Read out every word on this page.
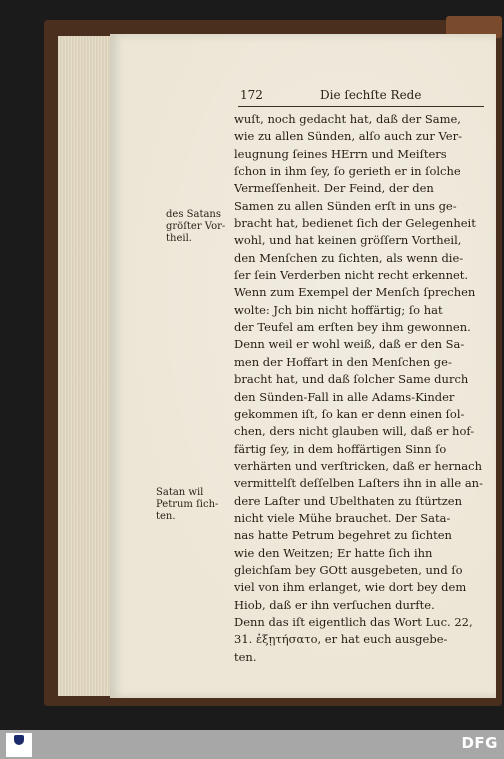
172	Die ſechſte Rede
wuſt, noch gedacht hat, daß der Same,
wie zu allen Sünden, alſo auch zur Ver-
leugnung ſeines HErrn und Meiſters
ſchon in ihm ſey, ſo gerieth er in ſolche
Vermeſſenheit. Der Feind, der den
Samen zu allen Sünden erſt in uns ge-
bracht hat, bedienet ſich der Gelegenheit
wohl, und hat keinen gröſſern Vortheil,
den Menſchen zu ſichten, als wenn die-
ſer ſein Verderben nicht recht erkennet.
Wenn zum Exempel der Menſch ſprechen
wolte: Jch bin nicht hoffärtig; ſo hat
der Teufel am erſten bey ihm gewonnen.
Denn weil er wohl weiß, daß er den Sa-
men der Hoffart in den Menſchen ge-
bracht hat, und daß ſolcher Same durch
den Sünden-Fall in alle Adams-Kinder
gekommen iſt, ſo kan er denn einen ſol-
chen, ders nicht glauben will, daß er hof-
färtig ſey, in dem hoffärtigen Sinn ſo
verhärten und verſtricken, daß er hernach
vermittelſt deſſelben Laſters ihn in alle an-
dere Laſter und Ubelthaten zu ſtürtzen
nicht viele Mühe brauchet. Der Sata-
nas hatte Petrum begehret zu ſichten
wie den Weitzen; Er hatte ſich ihn
gleichſam bey GOtt ausgebeten, und ſo
viel von ihm erlanget, wie dort bey dem
Hiob, daß er ihn verſuchen durfte.
Denn das iſt eigentlich das Wort Luc. 22,
31. ἐξῃτήσατο, er hat euch ausgebe-
ten.
des Satans
gröſter Vor-
theil.
Satan wil
Petrum ſich-
ten.
DFG
